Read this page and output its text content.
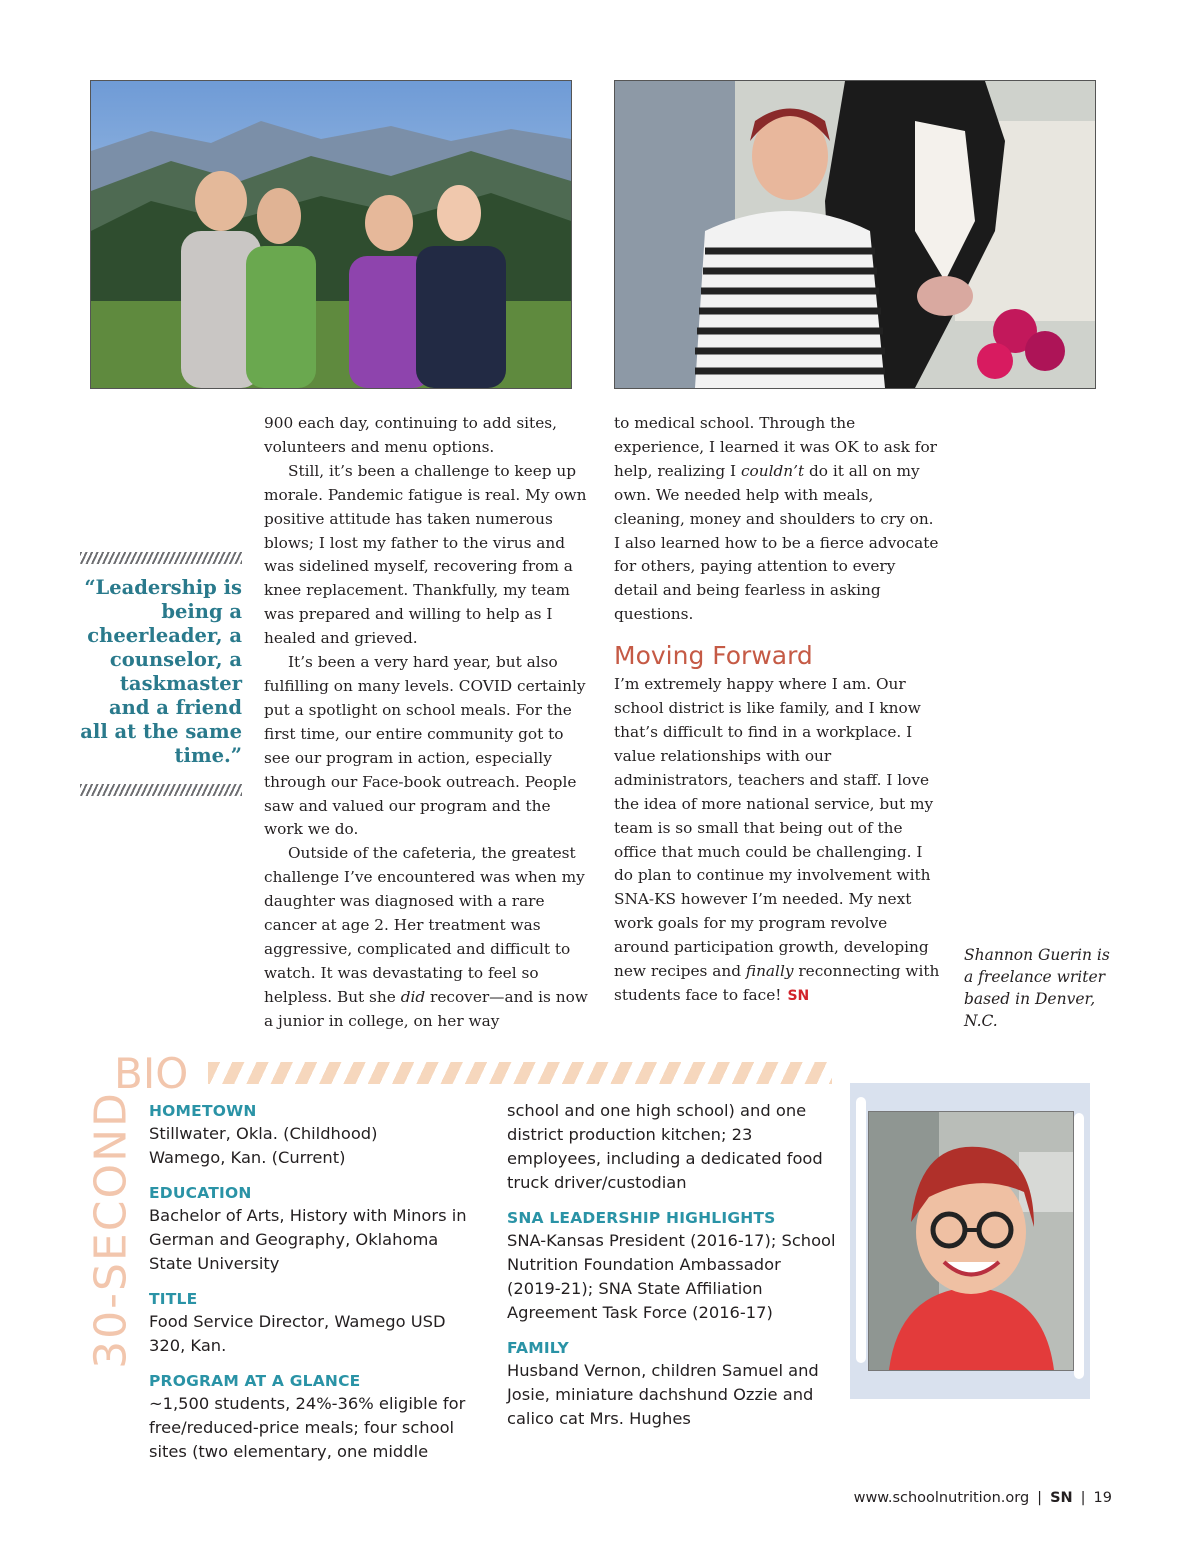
“Leadership is being a cheerleader, a counselor, a taskmaster and a friend all at the same time.”

900 each day, continuing to add sites, volunteers and menu options.

Still, it’s been a challenge to keep up morale. Pandemic fatigue is real. My own positive attitude has taken numerous blows; I lost my father to the virus and was sidelined myself, recovering from a knee replacement. Thankfully, my team was prepared and willing to help as I healed and grieved.

It’s been a very hard year, but also fulfilling on many levels. COVID certainly put a spotlight on school meals. For the first time, our entire community got to see our program in action, especially through our Face-book outreach. People saw and valued our program and the work we do.

Outside of the cafeteria, the greatest challenge I’ve encountered was when my daughter was diagnosed with a rare cancer at age 2. Her treatment was aggressive, complicated and difficult to watch. It was devastating to feel so helpless. But she did recover—and is now a junior in college, on her way

to medical school. Through the experience, I learned it was OK to ask for help, realizing I couldn’t do it all on my own. We needed help with meals, cleaning, money and shoulders to cry on. I also learned how to be a fierce advocate for others, paying attention to every detail and being fearless in asking questions.

Moving Forward

I’m extremely happy where I am. Our school district is like family, and I know that’s difficult to find in a workplace. I value relationships with our administrators, teachers and staff. I love the idea of more national service, but my team is so small that being out of the office that much could be challenging. I do plan to continue my involvement with SNA-KS however I’m needed. My next work goals for my program revolve around participation growth, developing new recipes and finally reconnecting with students face to face! SN

Shannon Guerin is a freelance writer based in Denver, N.C.
30-SECOND
BIO
HOMETOWN

Stillwater, Okla. (Childhood)
Wamego, Kan. (Current)

EDUCATION

Bachelor of Arts, History with Minors in German and Geography, Oklahoma State University

TITLE

Food Service Director, Wamego USD 320, Kan.

PROGRAM AT A GLANCE

~1,500 students, 24%-36% eligible for free/reduced-price meals; four school sites (two elementary, one middle

school and one high school) and one district production kitchen; 23 employees, including a dedicated food truck driver/custodian

SNA LEADERSHIP HIGHLIGHTS

SNA-Kansas President (2016-17); School Nutrition Foundation Ambassador (2019-21); SNA State Affiliation Agreement Task Force (2016-17)

FAMILY

Husband Vernon, children Samuel and Josie, miniature dachshund Ozzie and calico cat Mrs. Hughes

www.schoolnutrition.org | SN | 19
